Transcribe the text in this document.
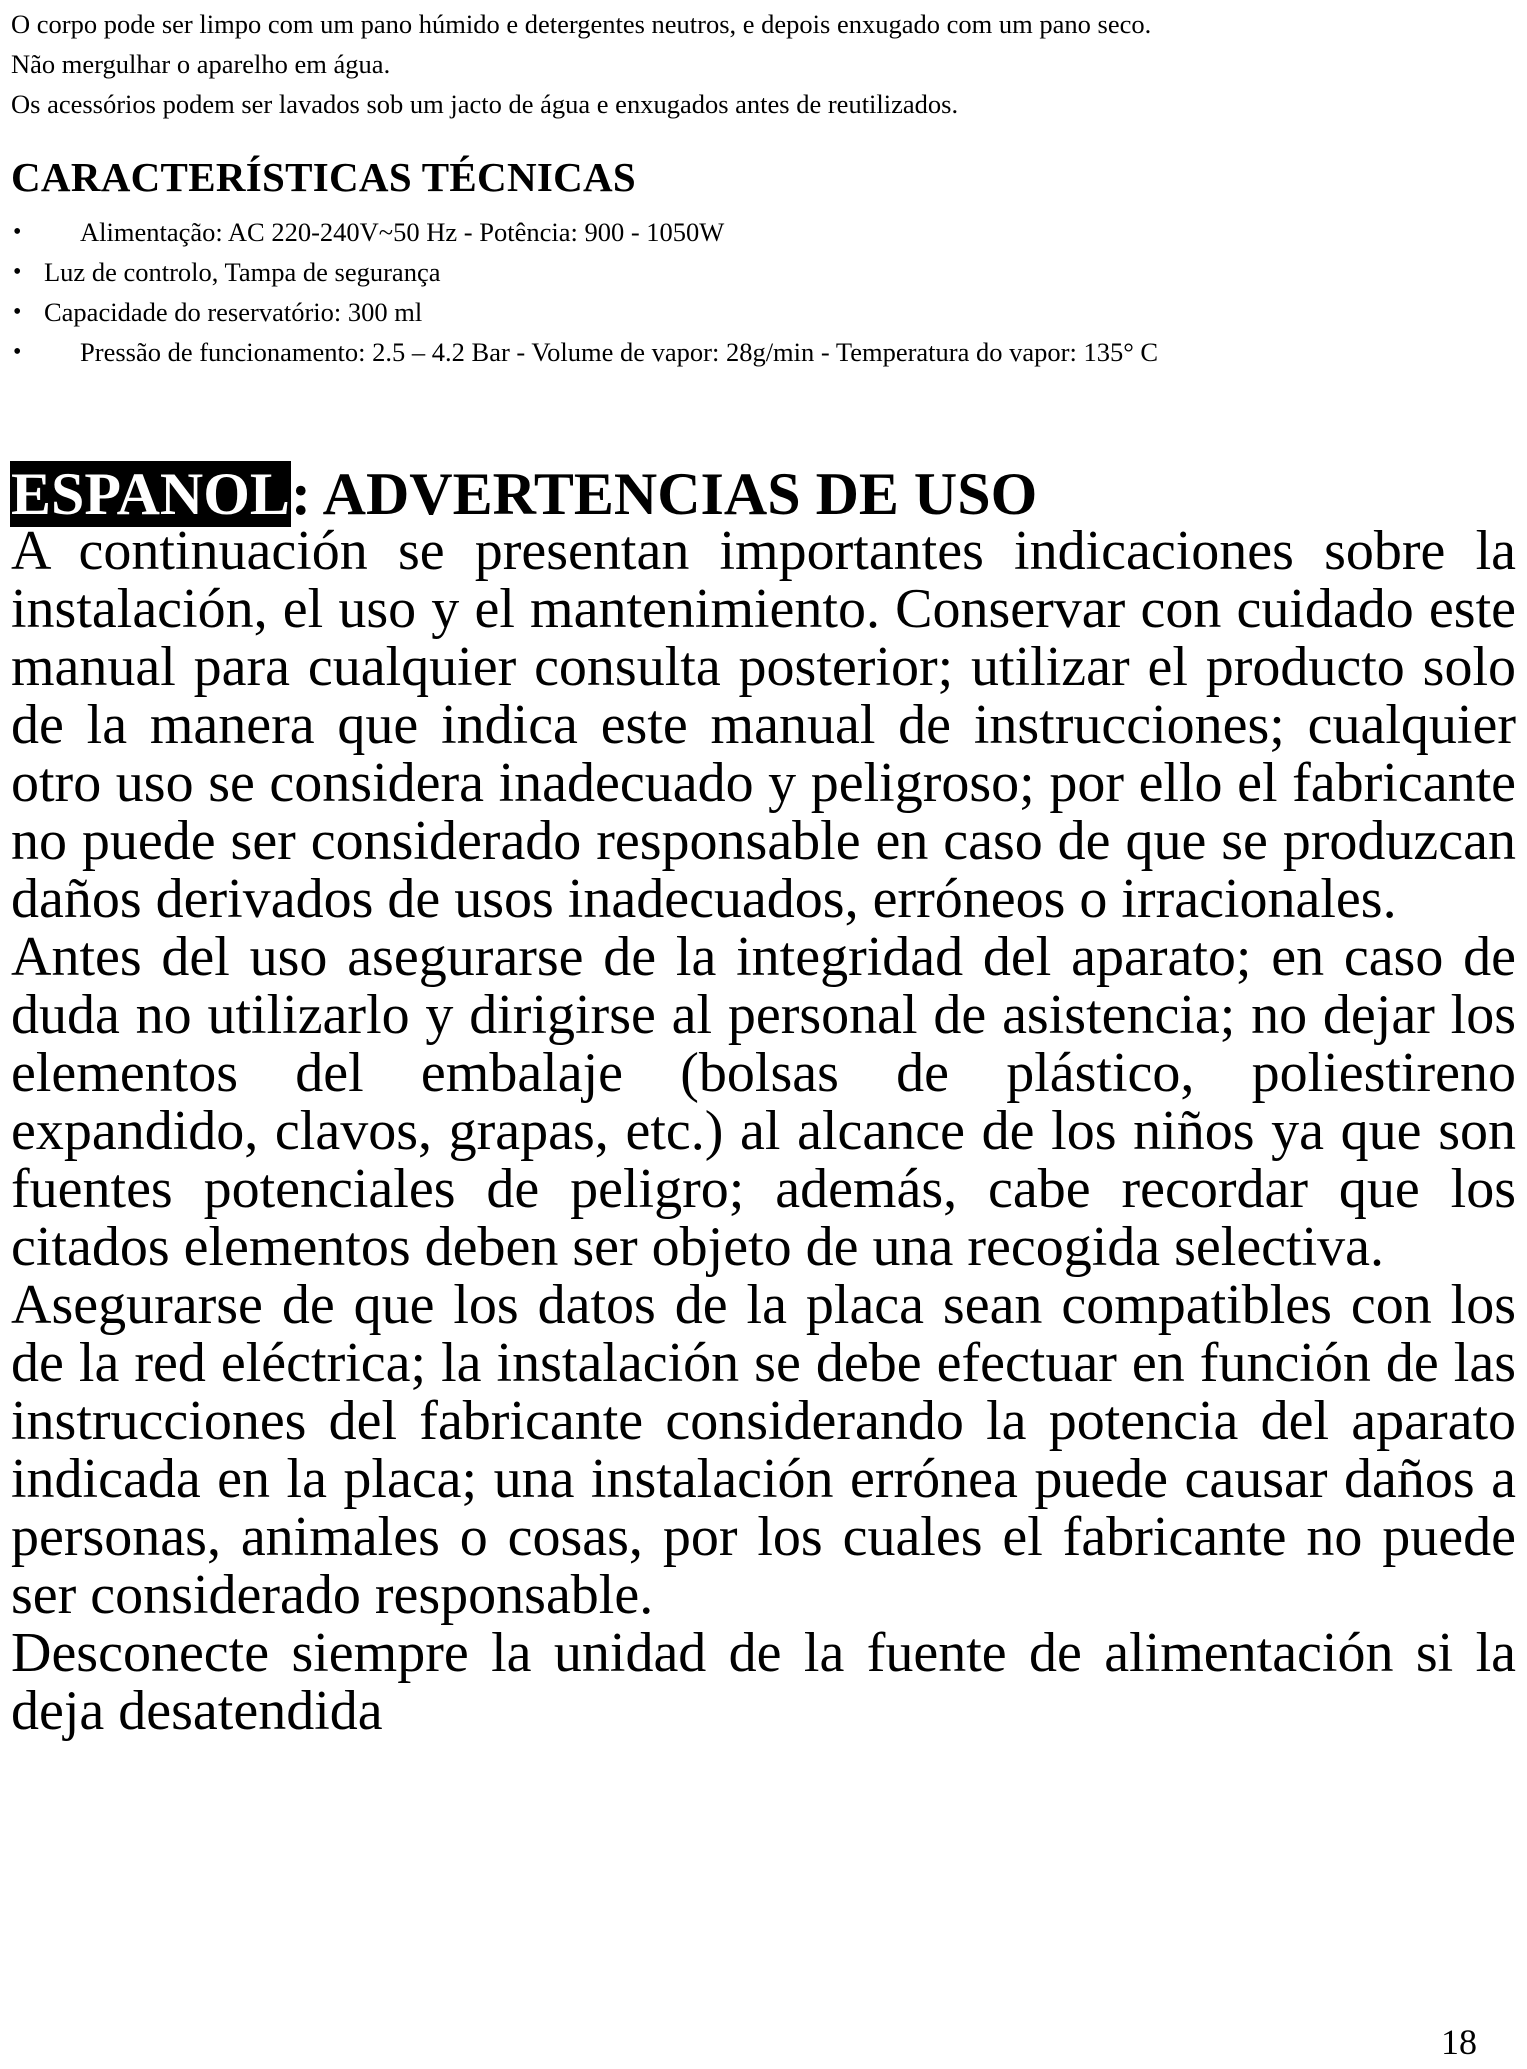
O corpo pode ser limpo com um pano húmido e detergentes neutros, e depois enxugado com um pano seco.

Não mergulhar o aparelho em água.

Os acessórios podem ser lavados sob um jacto de água e enxugados antes de reutilizados.

CARACTERÍSTICAS TÉCNICAS
• Alimentação: AC 220-240V~50 Hz - Potência: 900 - 1050W
• Luz de controlo, Tampa de segurança
• Capacidade do reservatório: 300 ml
• Pressão de funcionamento: 2.5 – 4.2 Bar - Volume de vapor: 28g/min - Temperatura do vapor: 135° C
ESPANOL: ADVERTENCIAS DE USO

A continuación se presentan importantes indicaciones sobre la instalación, el uso y el mantenimiento. Conservar con cuidado este manual para cualquier consulta posterior; utilizar el producto solo de la manera que indica este manual de instrucciones; cualquier otro uso se considera inadecuado y peligroso; por ello el fabricante no puede ser considerado responsable en caso de que se produzcan daños derivados de usos inadecuados, erróneos o irracionales.

Antes del uso asegurarse de la integridad del aparato; en caso de duda no utilizarlo y dirigirse al personal de asistencia; no dejar los elementos del embalaje (bolsas de plástico, poliestireno expandido, clavos, grapas, etc.) al alcance de los niños ya que son fuentes potenciales de peligro; además, cabe recordar que los citados elementos deben ser objeto de una recogida selectiva.

Asegurarse de que los datos de la placa sean compatibles con los de la red eléctrica; la instalación se debe efectuar en función de las instrucciones del fabricante considerando la potencia del aparato indicada en la placa; una instalación errónea puede causar daños a personas, animales o cosas, por los cuales el fabricante no puede ser considerado responsable.

Desconecte siempre la unidad de la fuente de alimentación si la deja desatendida

18
